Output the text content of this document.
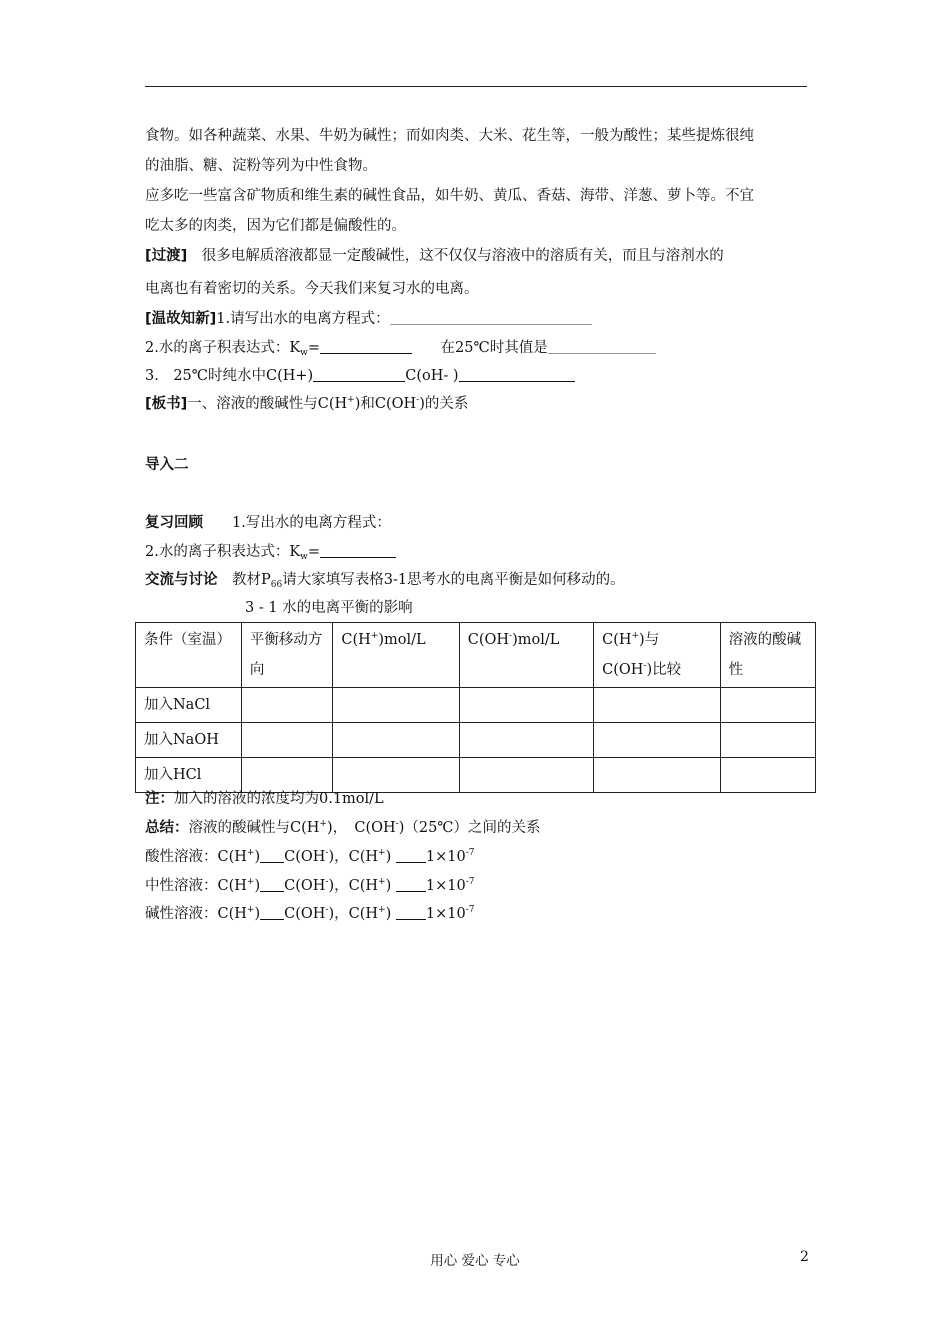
食物。如各种蔬菜、水果、牛奶为碱性；而如肉类、大米、花生等，一般为酸性；某些提炼很纯
的油脂、糖、淀粉等列为中性食物。
应多吃一些富含矿物质和维生素的碱性食品，如牛奶、黄瓜、香菇、海带、洋葱、萝卜等。不宜
吃太多的肉类，因为它们都是偏酸性的。
[过渡]　很多电解质溶液都显一定酸碱性，这不仅仅与溶液中的溶质有关，而且与溶剂水的
电离也有着密切的关系。今天我们来复习水的电离。
[温故知新]1.请写出水的电离方程式：
2.水的离子积表达式：$K_w=$	　在25℃时其值是
3.　25℃时纯水中C(H+)	C(oH- )
[板书]一、溶液的酸碱性与C(H+)和C(OH-)的关系
导入二
复习回顾　　1.写出水的电离方程式：
2.水的离子积表达式：$K_w=$
交流与讨论　教材$P_{66}$请大家填写表格3-1思考水的电离平衡是如何移动的。
3 - 1 水的电离平衡的影响
条件（室温）	平衡移动方向	C(H+)mol/L	C(OH-)mol/L	C(H+)与
C(OH-)比较	溶液的酸碱性
加入NaCl					
加入NaOH					
加入HCl					
注：加入的溶液的浓度均为0.1mol/L
总结：溶液的酸碱性与C(H+)，　C(OH-)（25℃）之间的关系
酸性溶液：C(H+) C(OH-)，C(H+) $1\times 10^{-7}$
中性溶液：C(H+) C(OH-)，C(H+) $1\times 10^{-7}$
碱性溶液：C(H+) C(OH-)，C(H+) $1\times 10^{-7}$
用心 爱心 专心	2
